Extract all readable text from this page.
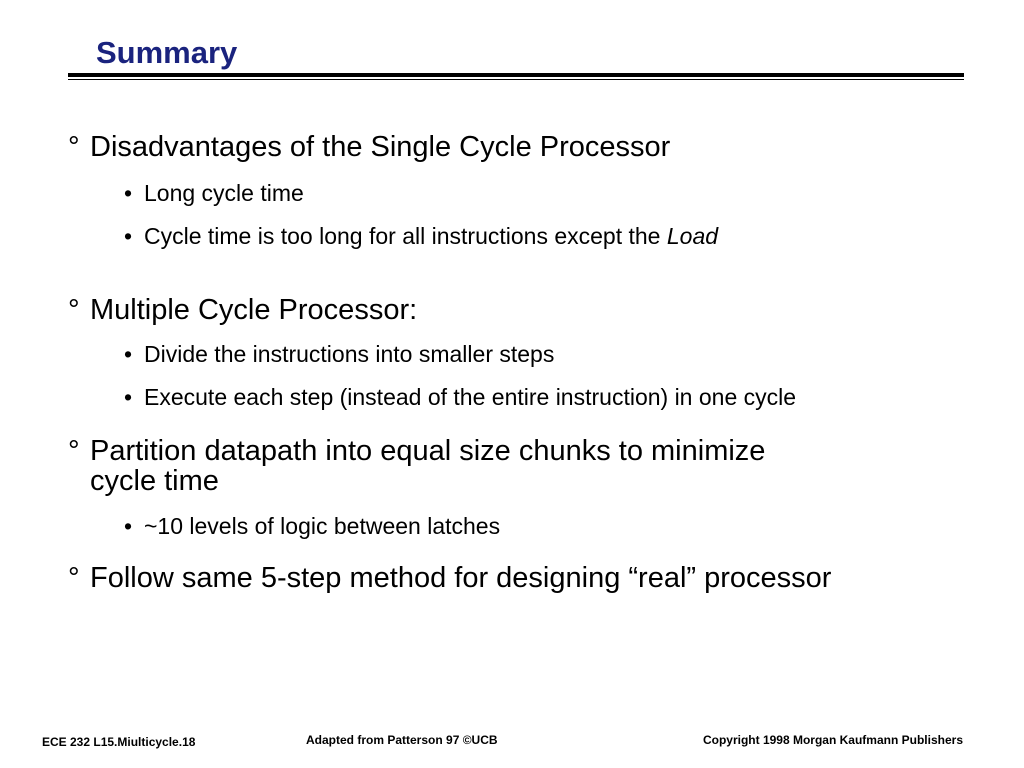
Summary
° Disadvantages of the Single Cycle Processor
• Long cycle time
• Cycle time is too long for all instructions except the Load
° Multiple Cycle Processor:
• Divide the instructions into smaller steps
• Execute each step (instead of the entire instruction) in one cycle
° Partition datapath into equal size chunks to minimize
cycle time
• ~10 levels of logic between latches
° Follow same 5-step method for designing “real” processor
ECE 232 L15.Miulticycle.18	Adapted from Patterson 97 ©UCB	Copyright 1998 Morgan Kaufmann Publishers
